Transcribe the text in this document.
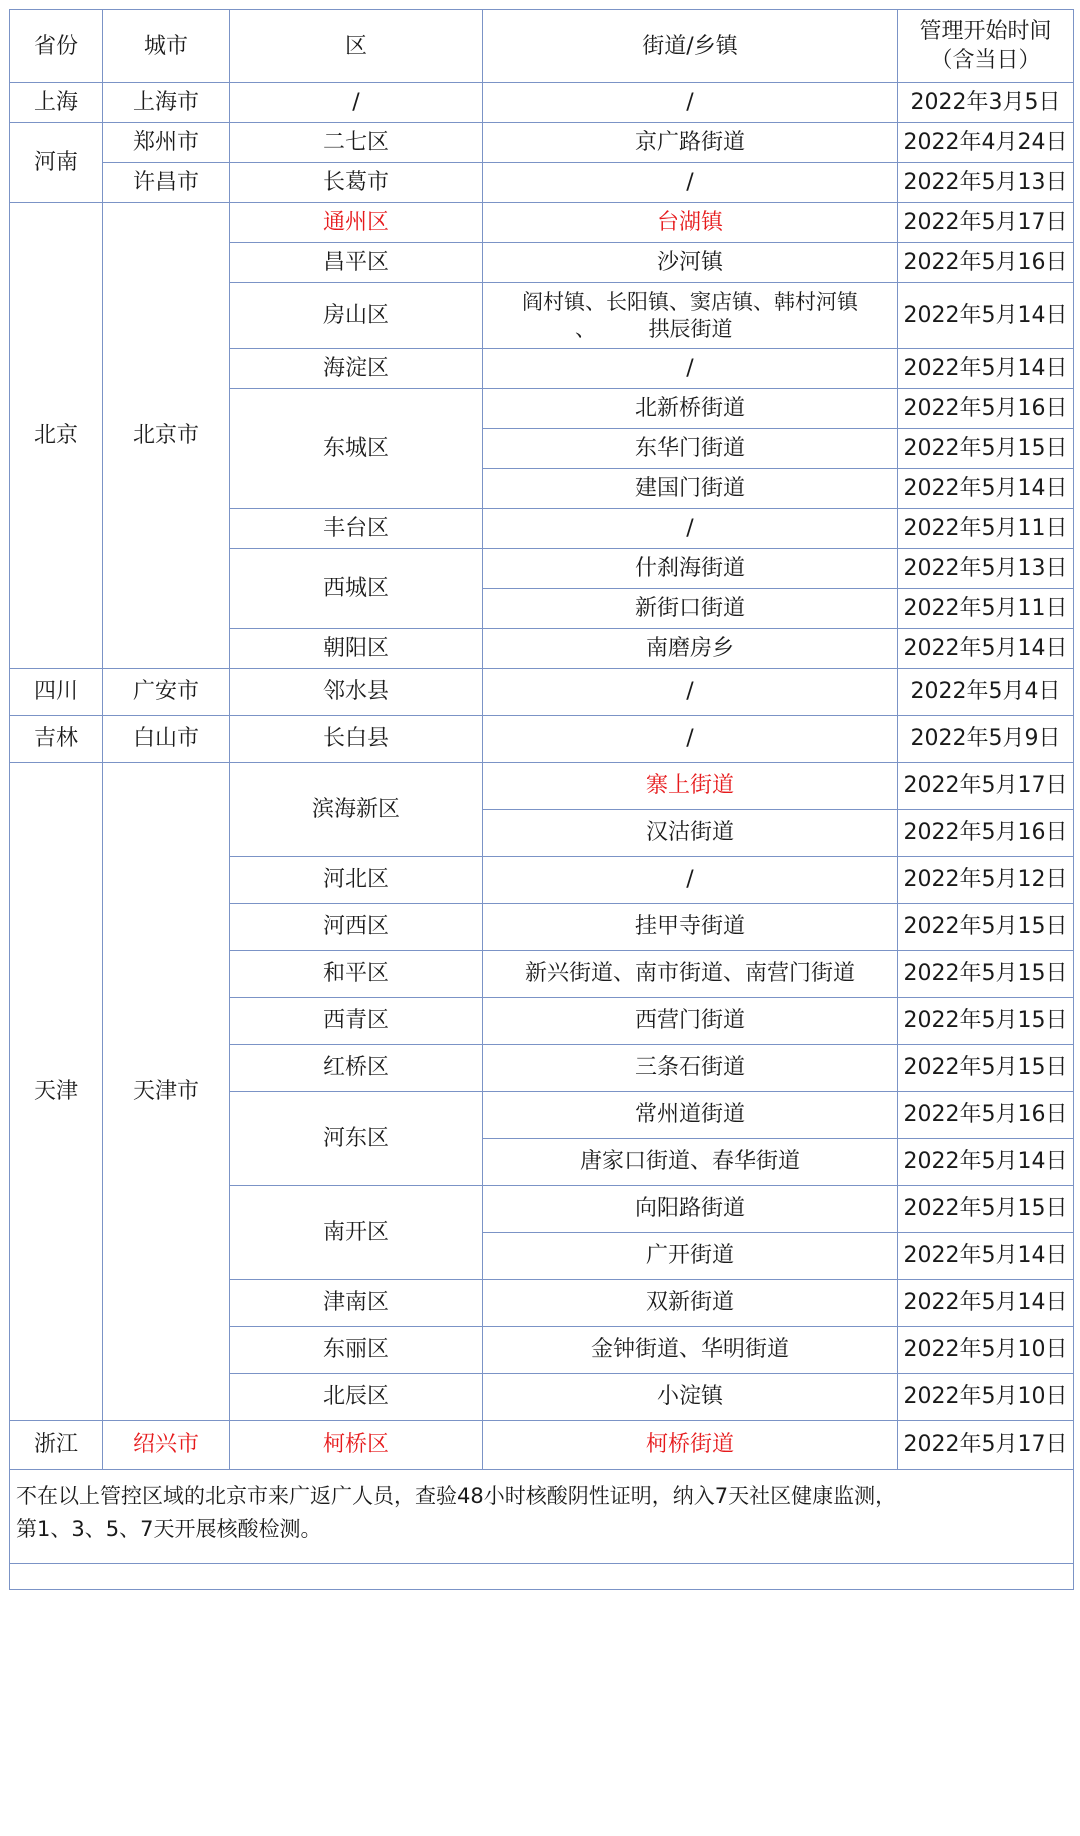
省份	城市	区	街道/乡镇	管理开始时间
（含当日）

上海	上海市	/	/	2022年3月5日
河南	郑州市	二七区	京广路街道	2022年4月24日
	许昌市	长葛市	/	2022年5月13日
北京	北京市	通州区	台湖镇	2022年5月17日
		昌平区	沙河镇	2022年5月16日
		房山区	阎村镇、长阳镇、窦店镇、韩村河镇
、　　　拱辰街道	2022年5月14日
		海淀区	/	2022年5月14日
		东城区	北新桥街道	2022年5月16日
			东华门街道	2022年5月15日
			建国门街道	2022年5月14日
		丰台区	/	2022年5月11日
		西城区	什刹海街道	2022年5月13日
			新街口街道	2022年5月11日
		朝阳区	南磨房乡	2022年5月14日
四川	广安市	邻水县	/	2022年5月4日
吉林	白山市	长白县	/	2022年5月9日
天津	天津市	滨海新区	寨上街道	2022年5月17日
			汉沽街道	2022年5月16日
		河北区	/	2022年5月12日
		河西区	挂甲寺街道	2022年5月15日
		和平区	新兴街道、南市街道、南营门街道	2022年5月15日
		西青区	西营门街道	2022年5月15日
		红桥区	三条石街道	2022年5月15日
		河东区	常州道街道	2022年5月16日
			唐家口街道、春华街道	2022年5月14日
		南开区	向阳路街道	2022年5月15日
			广开街道	2022年5月14日
		津南区	双新街道	2022年5月14日
		东丽区	金钟街道、华明街道	2022年5月10日
		北辰区	小淀镇	2022年5月10日
浙江	绍兴市	柯桥区	柯桥街道	2022年5月17日

不在以上管控区域的北京市来广返广人员，查验48小时核酸阴性证明，纳入7天社区健康监测，
第1、3、5、7天开展核酸检测。				
